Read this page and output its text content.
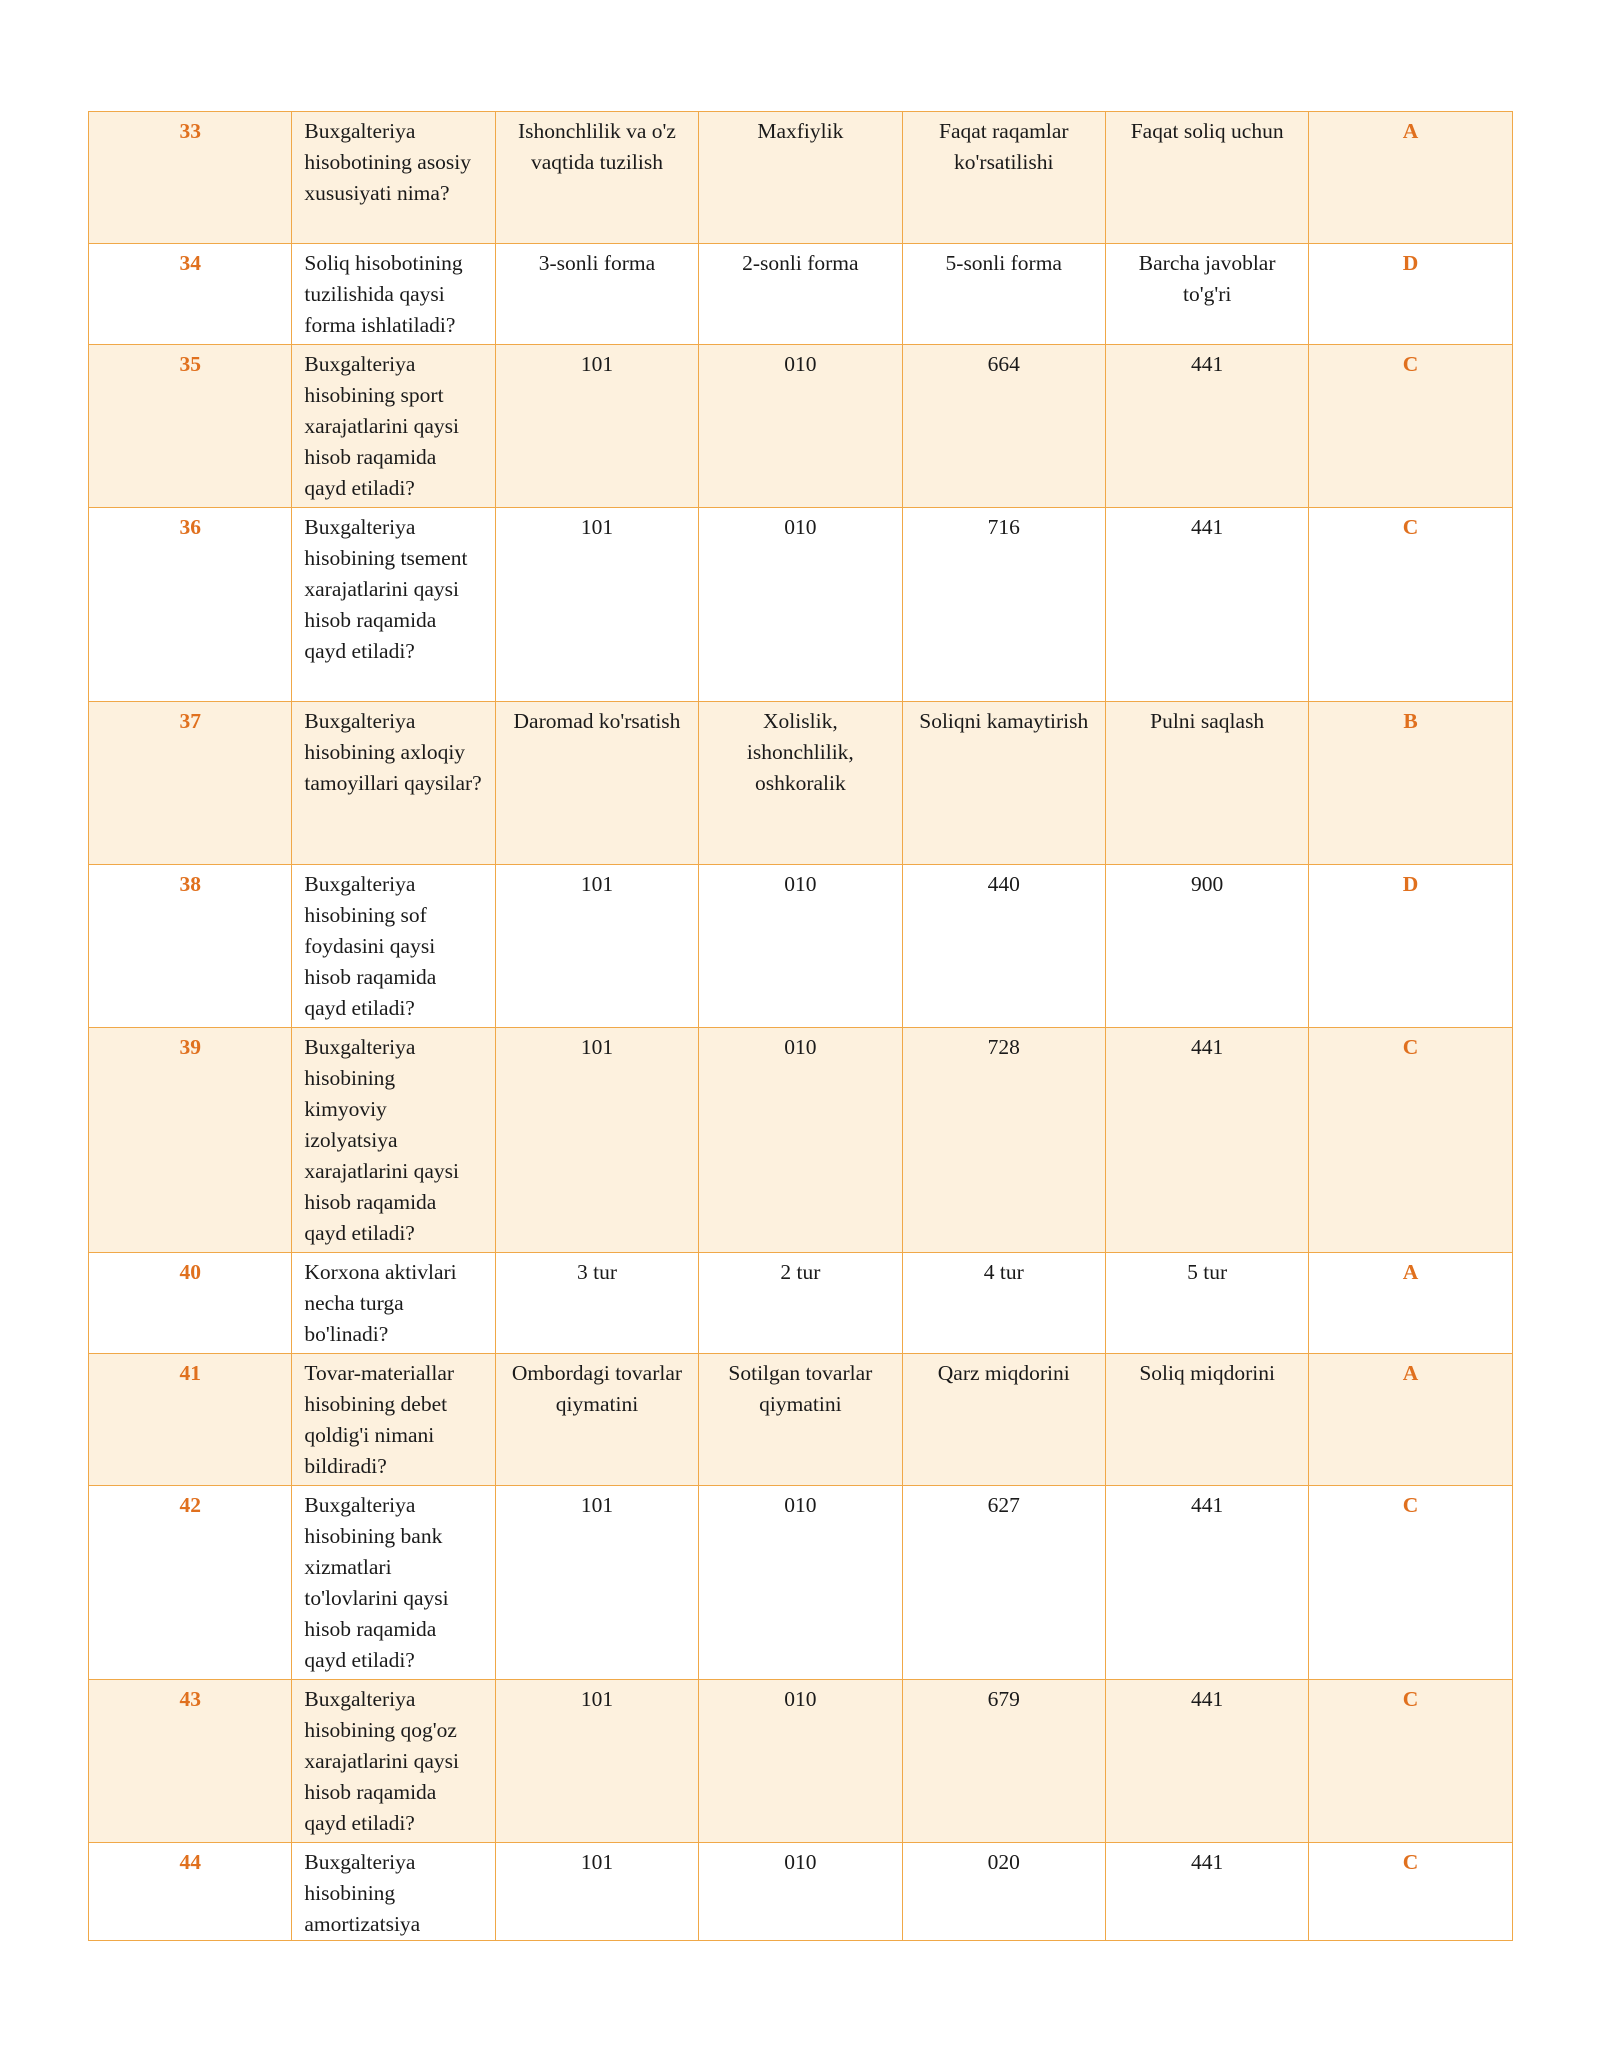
33	Buxgalteriya hisobotining asosiy xususiyati nima?	Ishonchlilik va o'z vaqtida tuzilish	Maxfiylik	Faqat raqamlar ko'rsatilishi	Faqat soliq uchun	A
34	Soliq hisobotining tuzilishida qaysi forma ishlatiladi?	3-sonli forma	2-sonli forma	5-sonli forma	Barcha javoblar to'g'ri	D
35	Buxgalteriya hisobining sport xarajatlarini qaysi hisob raqamida qayd etiladi?	101	010	664	441	C
36	Buxgalteriya hisobining tsement xarajatlarini qaysi hisob raqamida qayd etiladi?	101	010	716	441	C
37	Buxgalteriya hisobining axloqiy tamoyillari qaysilar?	Daromad ko'rsatish	Xolislik, ishonchlilik, oshkoralik	Soliqni kamaytirish	Pulni saqlash	B
38	Buxgalteriya hisobining sof foydasini qaysi hisob raqamida qayd etiladi?	101	010	440	900	D
39	Buxgalteriya hisobining kimyoviy izolyatsiya xarajatlarini qaysi hisob raqamida qayd etiladi?	101	010	728	441	C
40	Korxona aktivlari necha turga bo'linadi?	3 tur	2 tur	4 tur	5 tur	A
41	Tovar-materiallar hisobining debet qoldig'i nimani bildiradi?	Ombordagi tovarlar qiymatini	Sotilgan tovarlar qiymatini	Qarz miqdorini	Soliq miqdorini	A
42	Buxgalteriya hisobining bank xizmatlari to'lovlarini qaysi hisob raqamida qayd etiladi?	101	010	627	441	C
43	Buxgalteriya hisobining qog'oz xarajatlarini qaysi hisob raqamida qayd etiladi?	101	010	679	441	C
44	Buxgalteriya hisobining amortizatsiya	101	010	020	441	C
